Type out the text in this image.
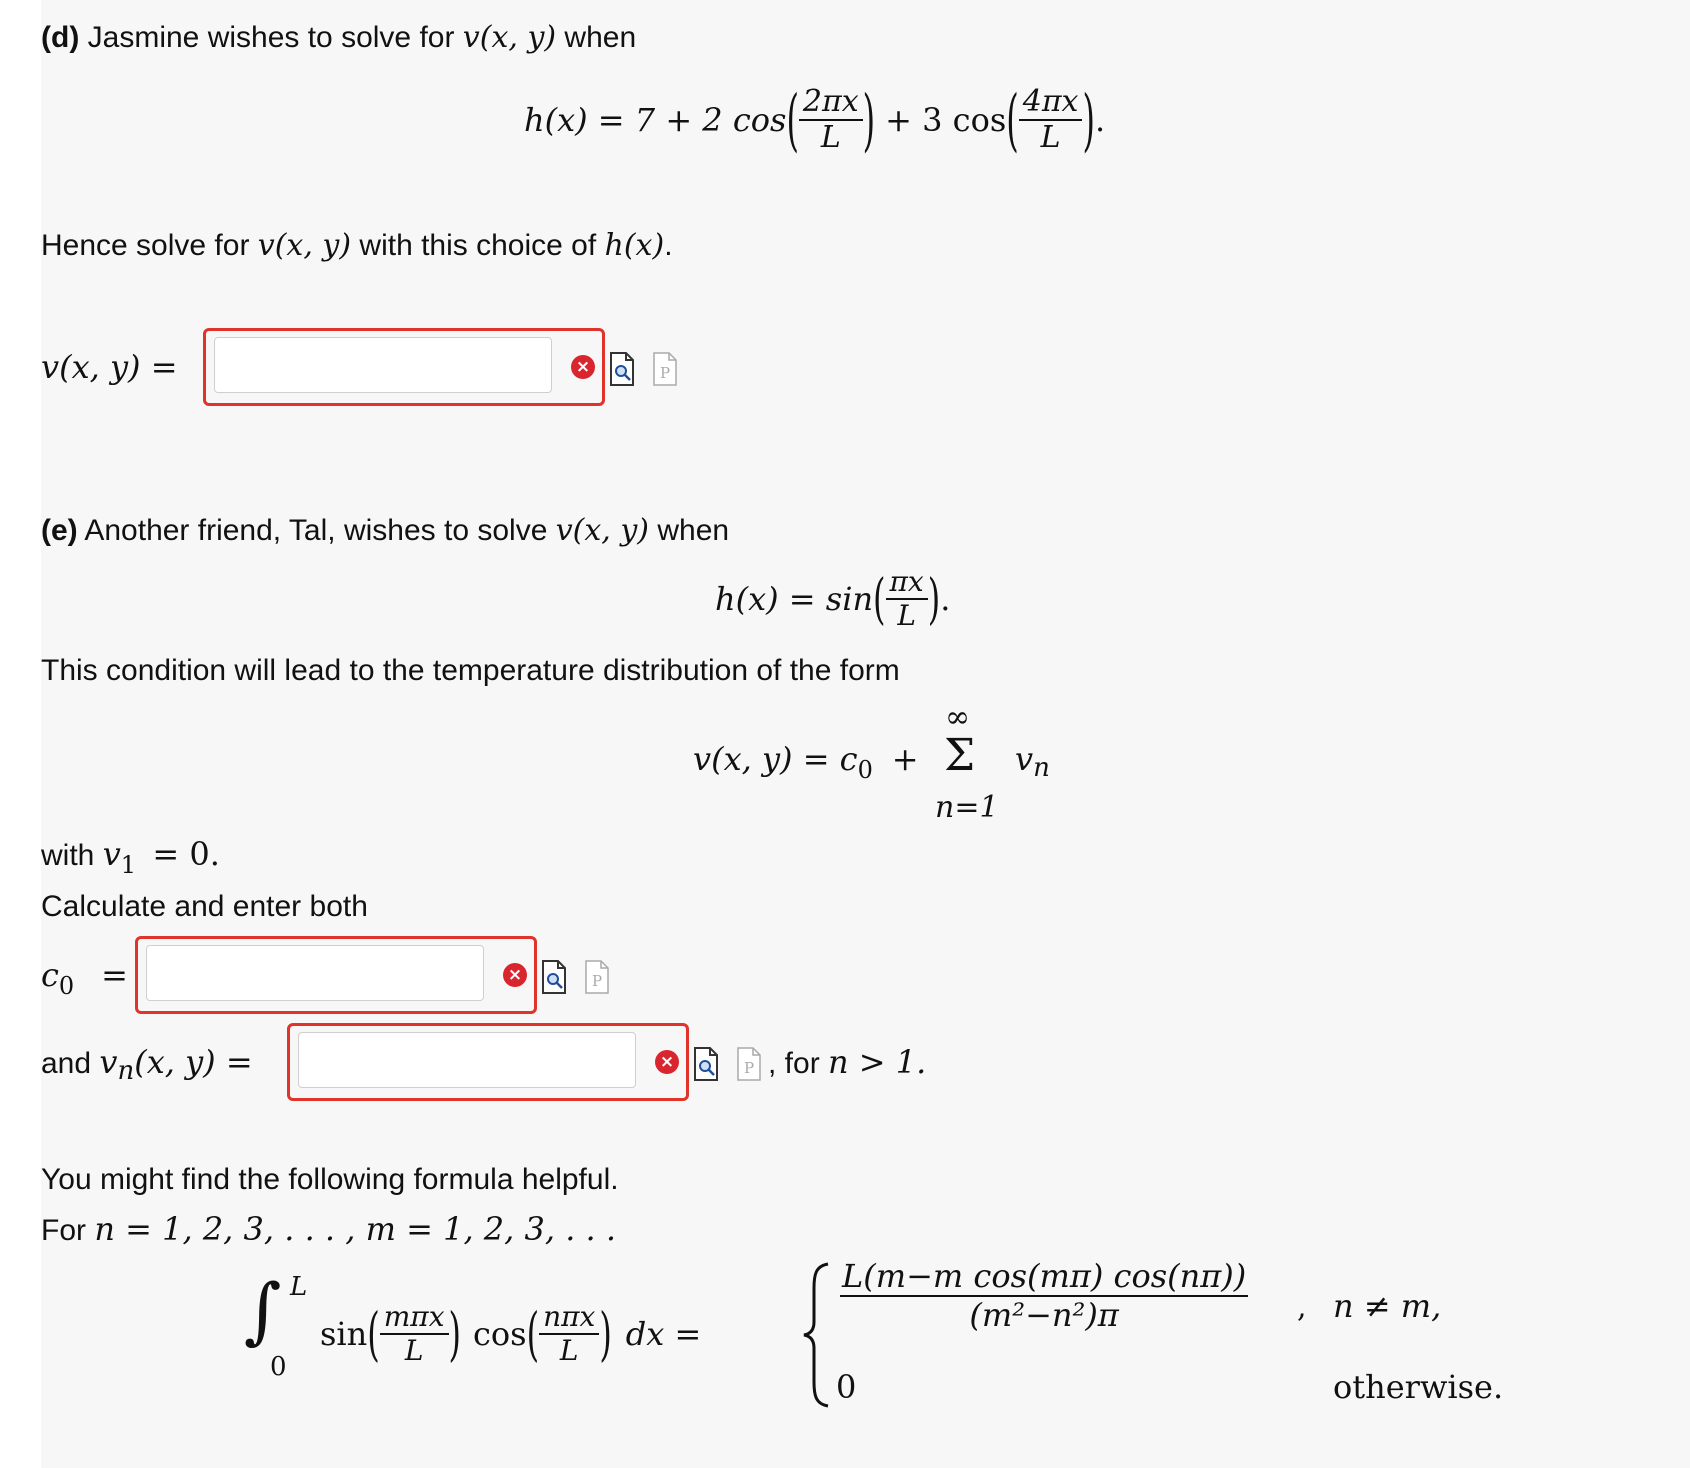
(d) Jasmine wishes to solve for v(x, y) when
h(x) = 7 + 2 cos ( $\frac{2\pi x}{L}$ ) + 3 cos ( $\frac{4\pi x}{L}$ ) .
Hence solve for v(x, y) with this choice of h(x).
v(x, y) =	×	P
(e) Another friend, Tal, wishes to solve v(x, y) when
h(x) = sin ( $\frac{\pi x}{L}$ ) .
This condition will lead to the temperature distribution of the form
v(x, $y) = c_0$ +
∞
Σ
n=1
vn
with $v_1 = 0$.
Calculate and enter both
$c_0$ =	×	P
and vn(x, y) =	×	P , for n > 1.
You might find the following formula helpful.
For n = 1, 2, 3, . . . , m = 1, 2, 3, . . .
∫ L
0
sin ( $\frac{\text{mπx}}{L}$ ) cos ( $\frac{\text{nπx}}{L}$ ) dx =
$\frac{\text{L(m−m cos(mπ) cos(nπ))}}{\text{(m²−n²)π}}$ , n ≠ m,
0	otherwise.
